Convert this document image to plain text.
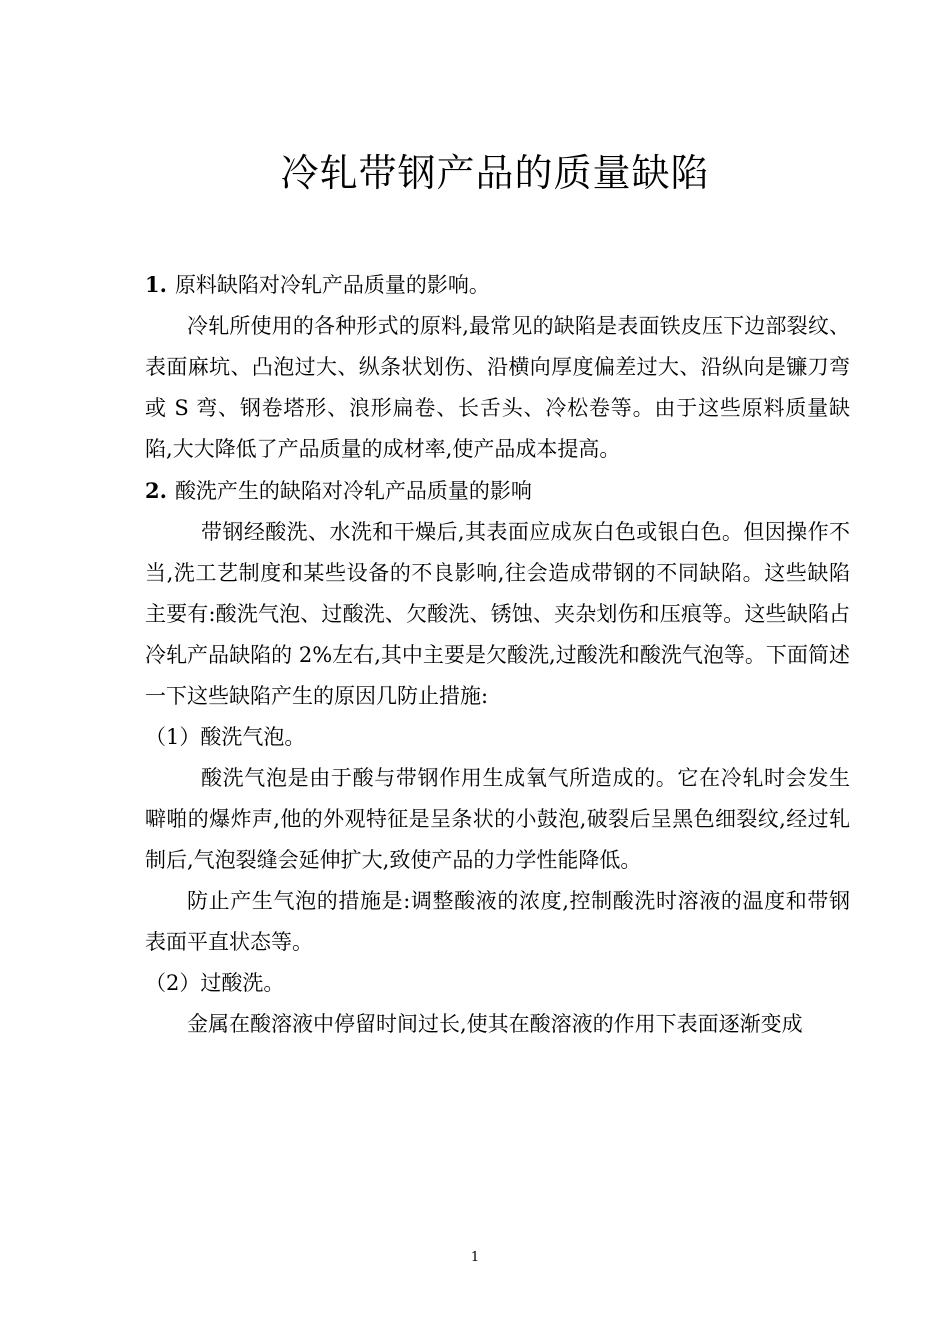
冷轧带钢产品的质量缺陷

1. 原料缺陷对冷轧产品质量的影响。

冷轧所使用的各种形式的原料,最常见的缺陷是表面铁皮压下边部裂纹、表面麻坑、凸泡过大、纵条状划伤、沿横向厚度偏差过大、沿纵向是镰刀弯或 S 弯、钢卷塔形、浪形扁卷、长舌头、冷松卷等。由于这些原料质量缺陷,大大降低了产品质量的成材率,使产品成本提高。

2. 酸洗产生的缺陷对冷轧产品质量的影响

带钢经酸洗、水洗和干燥后,其表面应成灰白色或银白色。但因操作不当,洗工艺制度和某些设备的不良影响,往会造成带钢的不同缺陷。这些缺陷主要有:酸洗气泡、过酸洗、欠酸洗、锈蚀、夹杂划伤和压痕等。这些缺陷占冷轧产品缺陷的 2%左右,其中主要是欠酸洗,过酸洗和酸洗气泡等。下面简述一下这些缺陷产生的原因几防止措施:

（1）酸洗气泡。

酸洗气泡是由于酸与带钢作用生成氧气所造成的。它在冷轧时会发生噼啪的爆炸声,他的外观特征是呈条状的小鼓泡,破裂后呈黑色细裂纹,经过轧制后,气泡裂缝会延伸扩大,致使产品的力学性能降低。

防止产生气泡的措施是:调整酸液的浓度,控制酸洗时溶液的温度和带钢表面平直状态等。

（2）过酸洗。

金属在酸溶液中停留时间过长,使其在酸溶液的作用下表面逐渐变成

1
